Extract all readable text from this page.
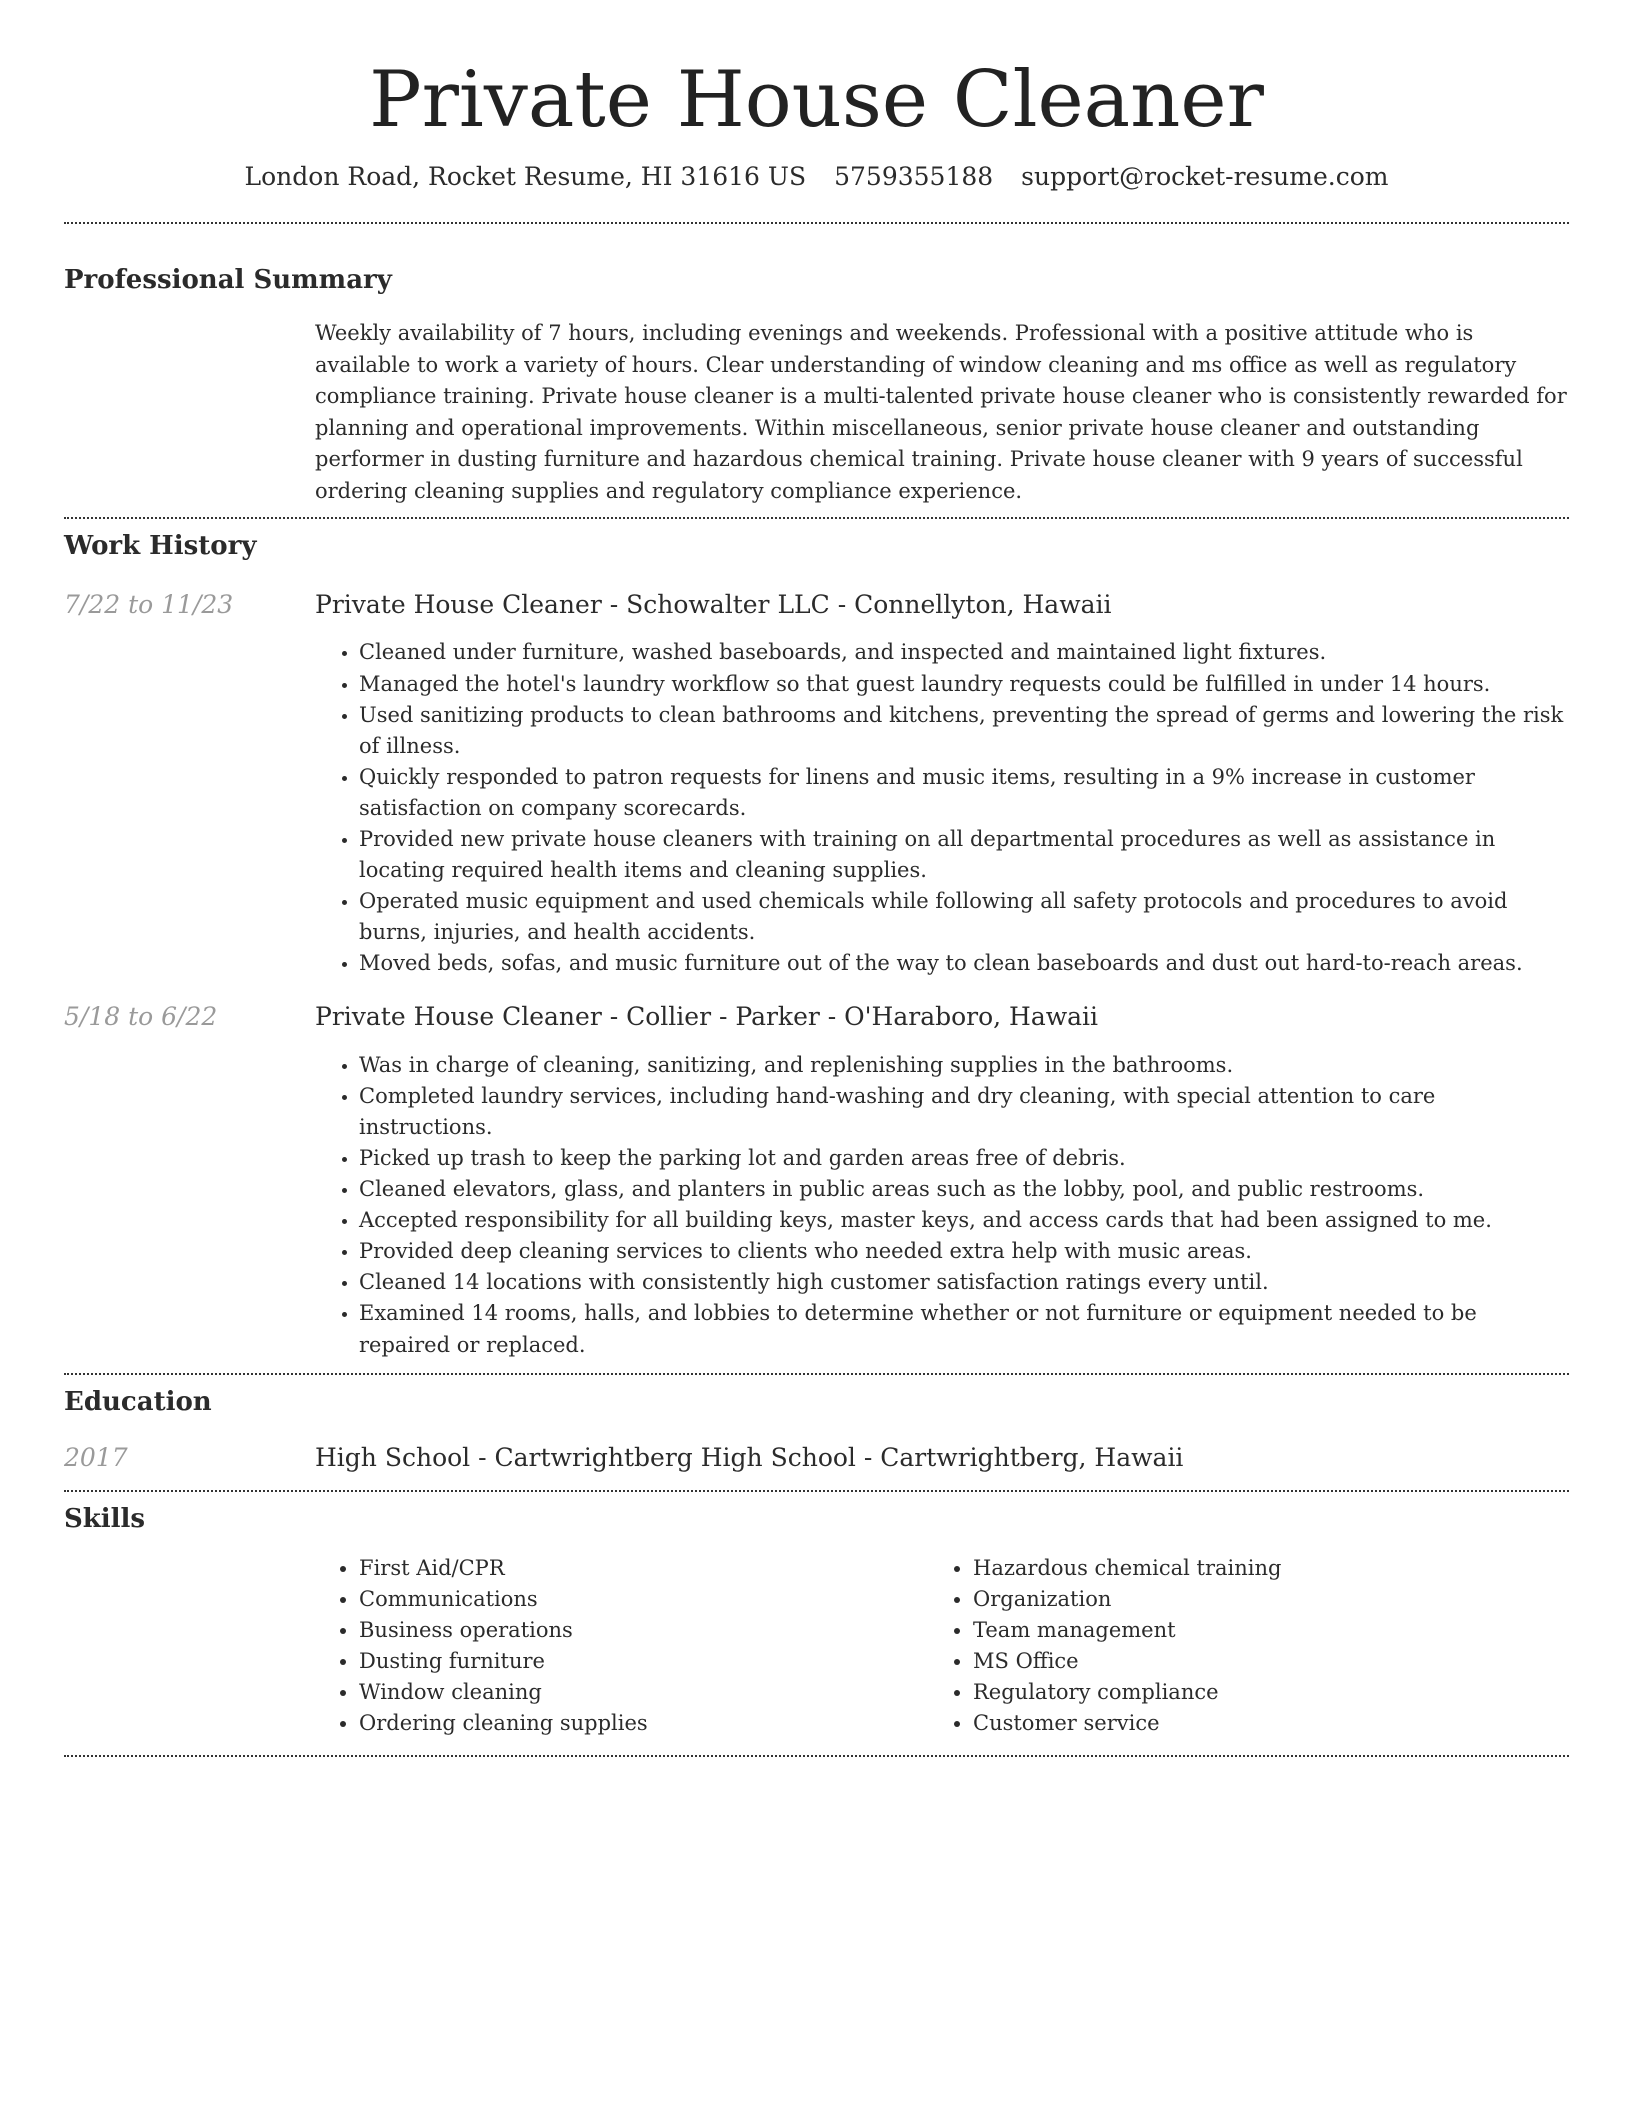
Private House Cleaner
London Road, Rocket Resume, HI 31616 US 5759355188 support@rocket-resume.com
Professional Summary

Weekly availability of 7 hours, including evenings and weekends. Professional with a positive attitude who is available to work a variety of hours. Clear understanding of window cleaning and ms office as well as regulatory compliance training. Private house cleaner is a multi-talented private house cleaner who is consistently rewarded for planning and operational improvements. Within miscellaneous, senior private house cleaner and outstanding performer in dusting furniture and hazardous chemical training. Private house cleaner with 9 years of successful ordering cleaning supplies and regulatory compliance experience.

Work History
7/22 to 11/23	Private House Cleaner - Schowalter LLC - Connellyton, Hawaii
• Cleaned under furniture, washed baseboards, and inspected and maintained light fixtures.
• Managed the hotel's laundry workflow so that guest laundry requests could be fulfilled in under 14 hours.
• Used sanitizing products to clean bathrooms and kitchens, preventing the spread of germs and lowering the risk of illness.
• Quickly responded to patron requests for linens and music items, resulting in a 9% increase in customer satisfaction on company scorecards.
• Provided new private house cleaners with training on all departmental procedures as well as assistance in locating required health items and cleaning supplies.
• Operated music equipment and used chemicals while following all safety protocols and procedures to avoid burns, injuries, and health accidents.
• Moved beds, sofas, and music furniture out of the way to clean baseboards and dust out hard-to-reach areas.
5/18 to 6/22	Private House Cleaner - Collier - Parker - O'Haraboro, Hawaii
• Was in charge of cleaning, sanitizing, and replenishing supplies in the bathrooms.
• Completed laundry services, including hand-washing and dry cleaning, with special attention to care instructions.
• Picked up trash to keep the parking lot and garden areas free of debris.
• Cleaned elevators, glass, and planters in public areas such as the lobby, pool, and public restrooms.
• Accepted responsibility for all building keys, master keys, and access cards that had been assigned to me.
• Provided deep cleaning services to clients who needed extra help with music areas.
• Cleaned 14 locations with consistently high customer satisfaction ratings every until.
• Examined 14 rooms, halls, and lobbies to determine whether or not furniture or equipment needed to be repaired or replaced.
Education
2017	High School - Cartwrightberg High School - Cartwrightberg, Hawaii
Skills
• First Aid/CPR
• Communications
• Business operations
• Dusting furniture
• Window cleaning
• Ordering cleaning supplies
• Hazardous chemical training
• Organization
• Team management
• MS Office
• Regulatory compliance
• Customer service
